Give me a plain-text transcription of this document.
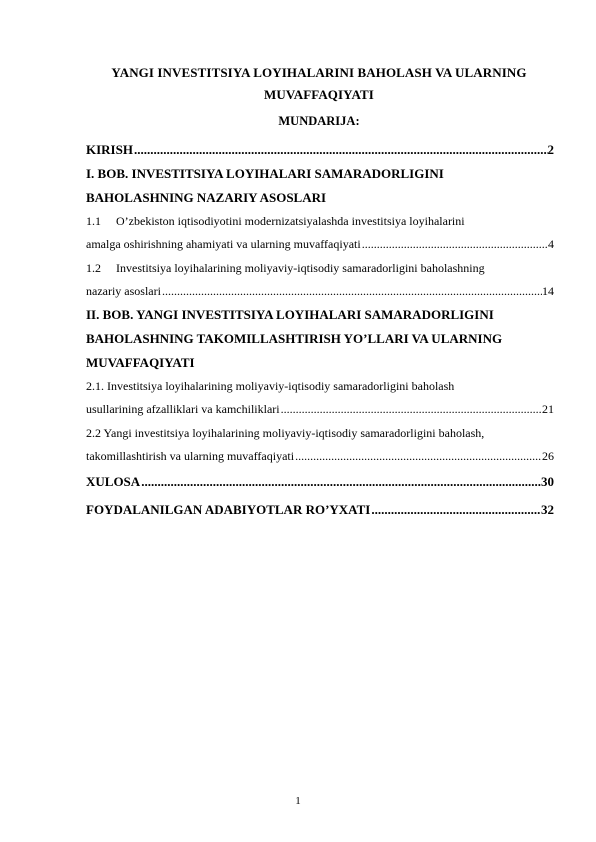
YANGI INVESTITSIYA LOYIHALARINI BAHOLASH VA ULARNING MUVAFFAQIYATI
MUNDARIJA:
KIRISH .....	2
I. BOB. INVESTITSIYA LOYIHALARI SAMARADORLIGINI
BAHOLASHNING NAZARIY ASOSLARI
1.1 O’zbekiston iqtisodiyotini modernizatsiyalashda investitsiya loyihalarini
amalga oshirishning ahamiyati va ularning muvaffaqiyati .....	4
1.2 Investitsiya loyihalarining moliyaviy-iqtisodiy samaradorligini baholashning
nazariy asoslari .....	14
II. BOB. YANGI INVESTITSIYA LOYIHALARI SAMARADORLIGINI
BAHOLASHNING TAKOMILLASHTIRISH YO’LLARI VA ULARNING
MUVAFFAQIYATI
2.1. Investitsiya loyihalarining moliyaviy-iqtisodiy samaradorligini baholash
usullarining afzalliklari va kamchiliklari .....	21
2.2 Yangi investitsiya loyihalarining moliyaviy-iqtisodiy samaradorligini baholash,
takomillashtirish va ularning muvaffaqiyati .....	26
XULOSA .....	30
FOYDALANILGAN ADABIYOTLAR RO’YXATI .....	32
1
